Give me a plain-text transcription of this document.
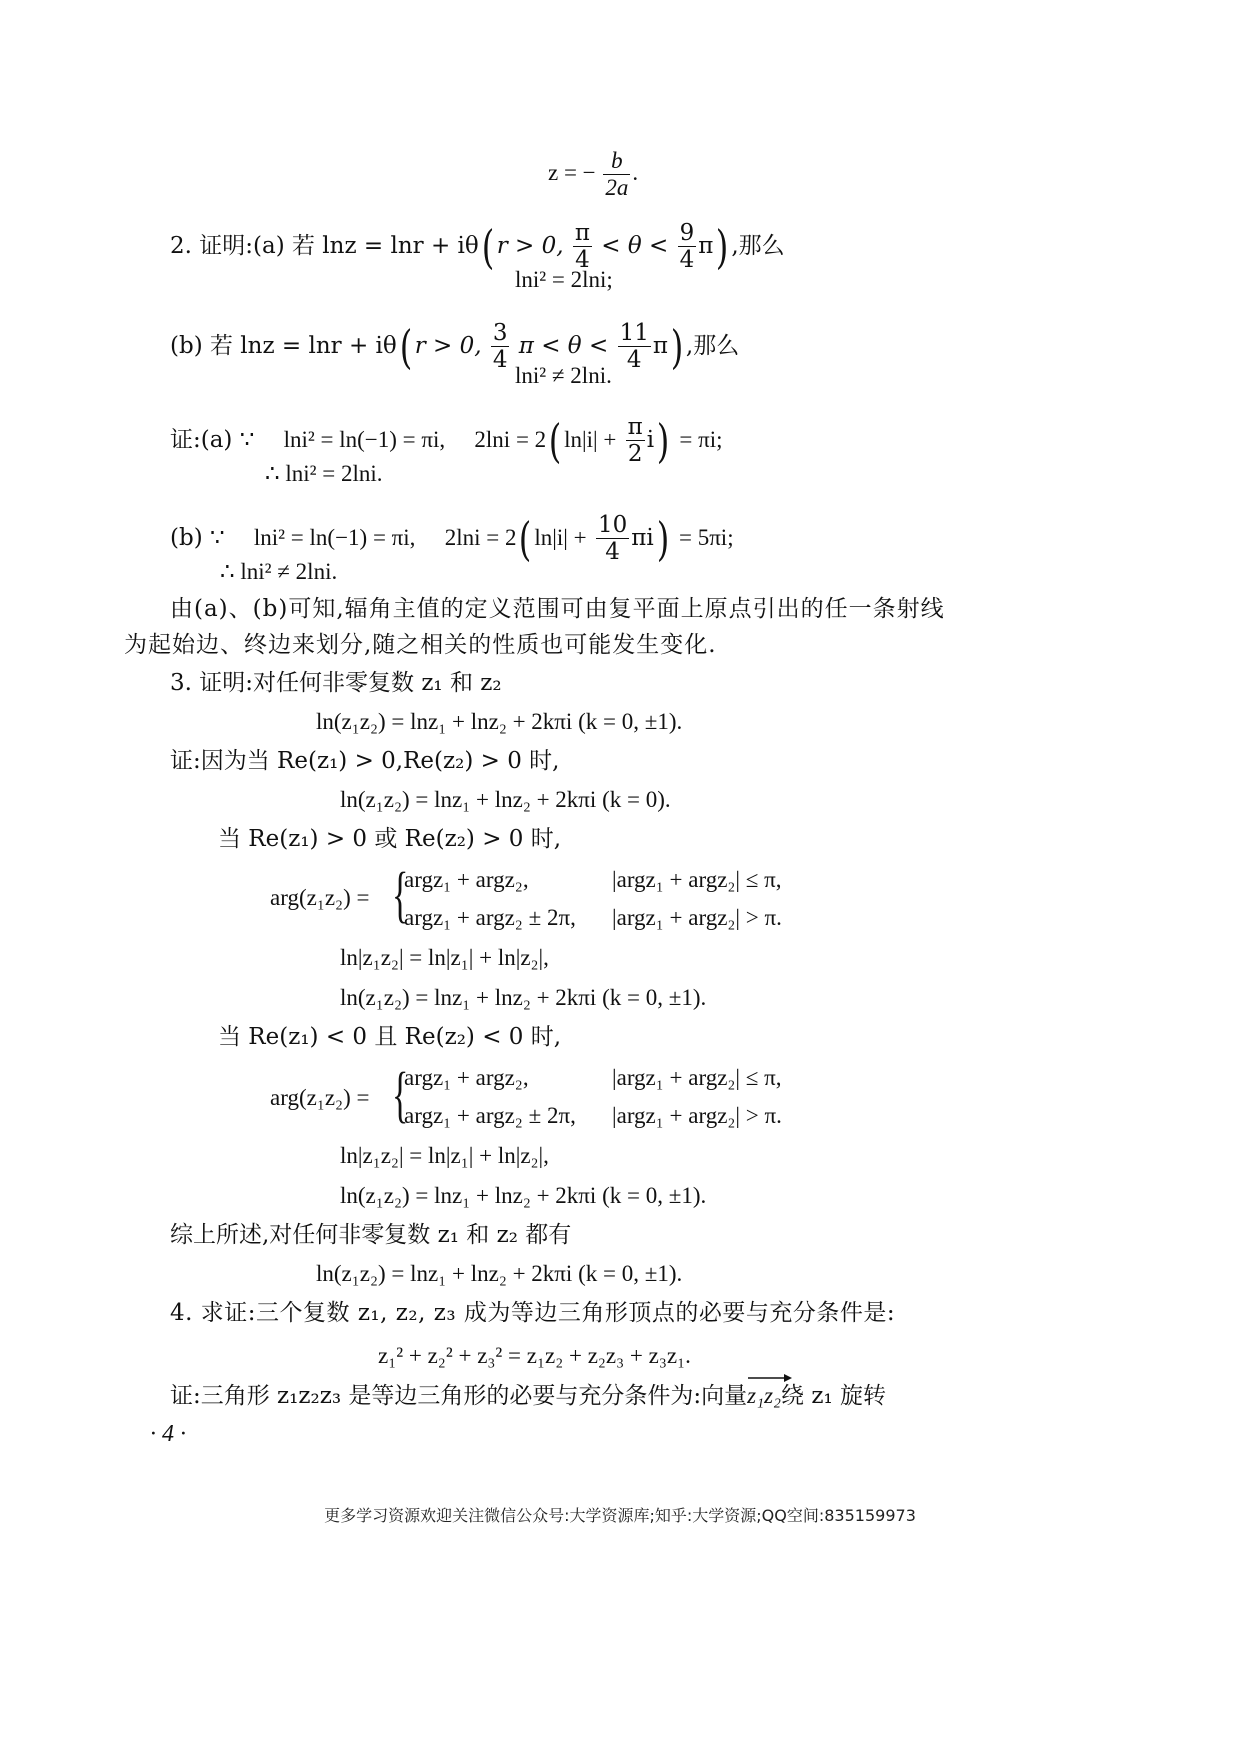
z = − $\frac{b}{2a}$ .
2. 证明:(a) 若 lnz = lnr + iθ( r > 0, $\frac{\pi}{4} < \theta < \frac{9}{4} \pi$) ,那么
lni² = 2lni;
(b) 若 lnz = lnr + iθ( r > 0, $\frac{3}{4}$ $\pi < \theta < \frac{11}{4} \pi$) ,那么
lni² ≠ 2lni.
证:(a) ∵ lni² = ln(−1) = πi, 2lni = 2( $\ln|i| + \frac{\pi}{2} i) = \pi i$;
∴ lni² = 2lni.
(b) ∵ lni² = ln(−1) = πi, 2lni = 2( $\ln|i| + \frac{10}{4} \pi i) = 5\pi i$;
∴ lni² ≠ 2lni.
由(a)、(b)可知,辐角主值的定义范围可由复平面上原点引出的任一条射线
为起始边、终边来划分,随之相关的性质也可能发生变化.
3. 证明:对任何非零复数 z₁ 和 z₂
ln(z₁z₂) = lnz₁ + lnz₂ + 2kπi (k = 0, ±1).
证:因为当 Re(z₁) > 0,Re(z₂) > 0 时,
ln(z₁z₂) = lnz₁ + lnz₂ + 2kπi (k = 0).
当 Re(z₁) > 0 或 Re(z₂) > 0 时,
arg(z₁z₂) = {
argz₁ + argz₂,	|argz₁ + argz₂| ≤ π,
argz₁ + argz₂ ± 2π, |argz₁ + argz₂| > π.
ln|z₁z₂| = ln|z₁| + ln|z₂|,
ln(z₁z₂) = lnz₁ + lnz₂ + 2kπi (k = 0, ±1).
当 Re(z₁) < 0 且 Re(z₂) < 0 时,
arg(z₁z₂) = {
argz₁ + argz₂,	|argz₁ + argz₂| ≤ π,
argz₁ + argz₂ ± 2π, |argz₁ + argz₂| > π.
ln|z₁z₂| = ln|z₁| + ln|z₂|,
ln(z₁z₂) = lnz₁ + lnz₂ + 2kπi (k = 0, ±1).
综上所述,对任何非零复数 z₁ 和 z₂ 都有
ln(z₁z₂) = lnz₁ + lnz₂ + 2kπi (k = 0, ±1).
4. 求证:三个复数 z₁, z₂, z₃ 成为等边三角形顶点的必要与充分条件是:
z₁² + z₂² + z₃² = z₁z₂ + z₂z₃ + z₃z₁.
证:三角形 z₁z₂z₃ 是等边三角形的必要与充分条件为:向量
z₁z₂绕 z₁ 旋转
· 4 ·
更多学习资源欢迎关注微信公众号:大学资源库;知乎:大学资源;QQ空间:835159973
